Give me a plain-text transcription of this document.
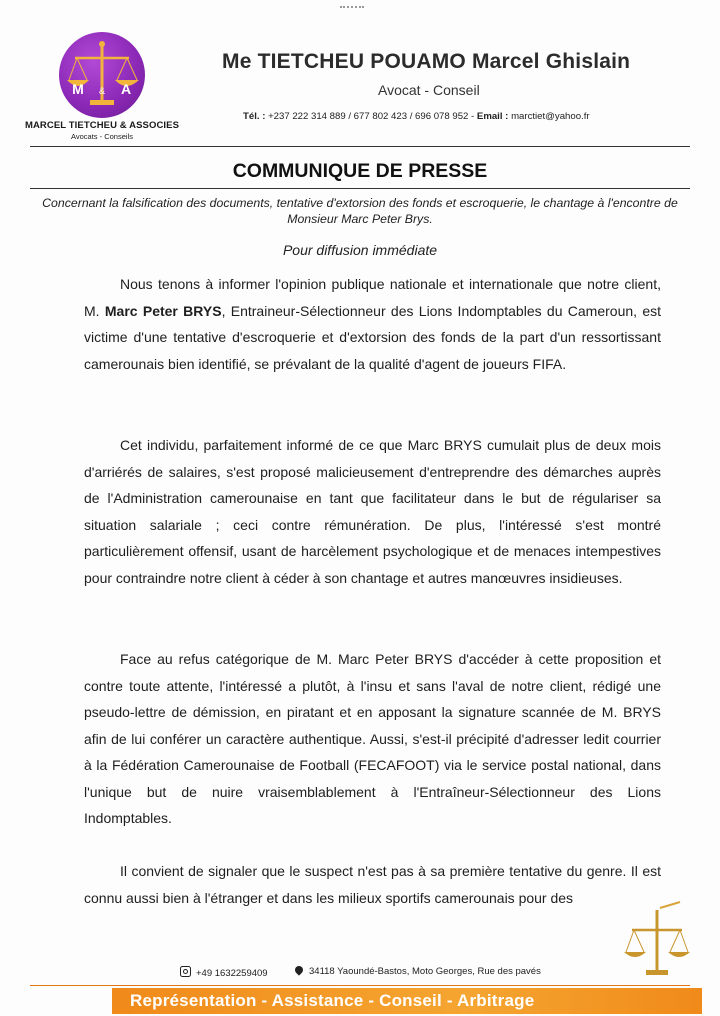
M	A
&
MARCEL TIETCHEU & ASSOCIES
Avocats - Conseils
Me TIETCHEU POUAMO Marcel Ghislain
Avocat - Conseil
Tél. : +237 222 314 889 / 677 802 423 / 696 078 952 - Email : marctiet@yahoo.fr
COMMUNIQUE DE PRESSE
Concernant la falsification des documents, tentative d'extorsion des fonds et escroquerie, le chantage à l'encontre de Monsieur Marc Peter Brys.
Pour diffusion immédiate

Nous tenons à informer l'opinion publique nationale et internationale que notre client, M. Marc Peter BRYS, Entraineur-Sélectionneur des Lions Indomptables du Cameroun, est victime d'une tentative d'escroquerie et d'extorsion des fonds de la part d'un ressortissant camerounais bien identifié, se prévalant de la qualité d'agent de joueurs FIFA.

Cet individu, parfaitement informé de ce que Marc BRYS cumulait plus de deux mois d'arriérés de salaires, s'est proposé malicieusement d'entreprendre des démarches auprès de l'Administration camerounaise en tant que facilitateur dans le but de régulariser sa situation salariale ; ceci contre rémunération. De plus, l'intéressé s'est montré particulièrement offensif, usant de harcèlement psychologique et de menaces intempestives pour contraindre notre client à céder à son chantage et autres manœuvres insidieuses.

Face au refus catégorique de M. Marc Peter BRYS d'accéder à cette proposition et contre toute attente, l'intéressé a plutôt, à l'insu et sans l'aval de notre client, rédigé une pseudo-lettre de démission, en piratant et en apposant la signature scannée de M. BRYS afin de lui conférer un caractère authentique. Aussi, s'est-il précipité d'adresser ledit courrier à la Fédération Camerounaise de Football (FECAFOOT) via le service postal national, dans l'unique but de nuire vraisemblablement à l'Entraîneur-Sélectionneur des Lions Indomptables.

Il convient de signaler que le suspect n'est pas à sa première tentative du genre. Il est connu aussi bien à l'étranger et dans les milieux sportifs camerounais pour des

+49 1632259409	34118 Yaoundé-Bastos, Moto Georges, Rue des pavés
Représentation - Assistance - Conseil - Arbitrage
